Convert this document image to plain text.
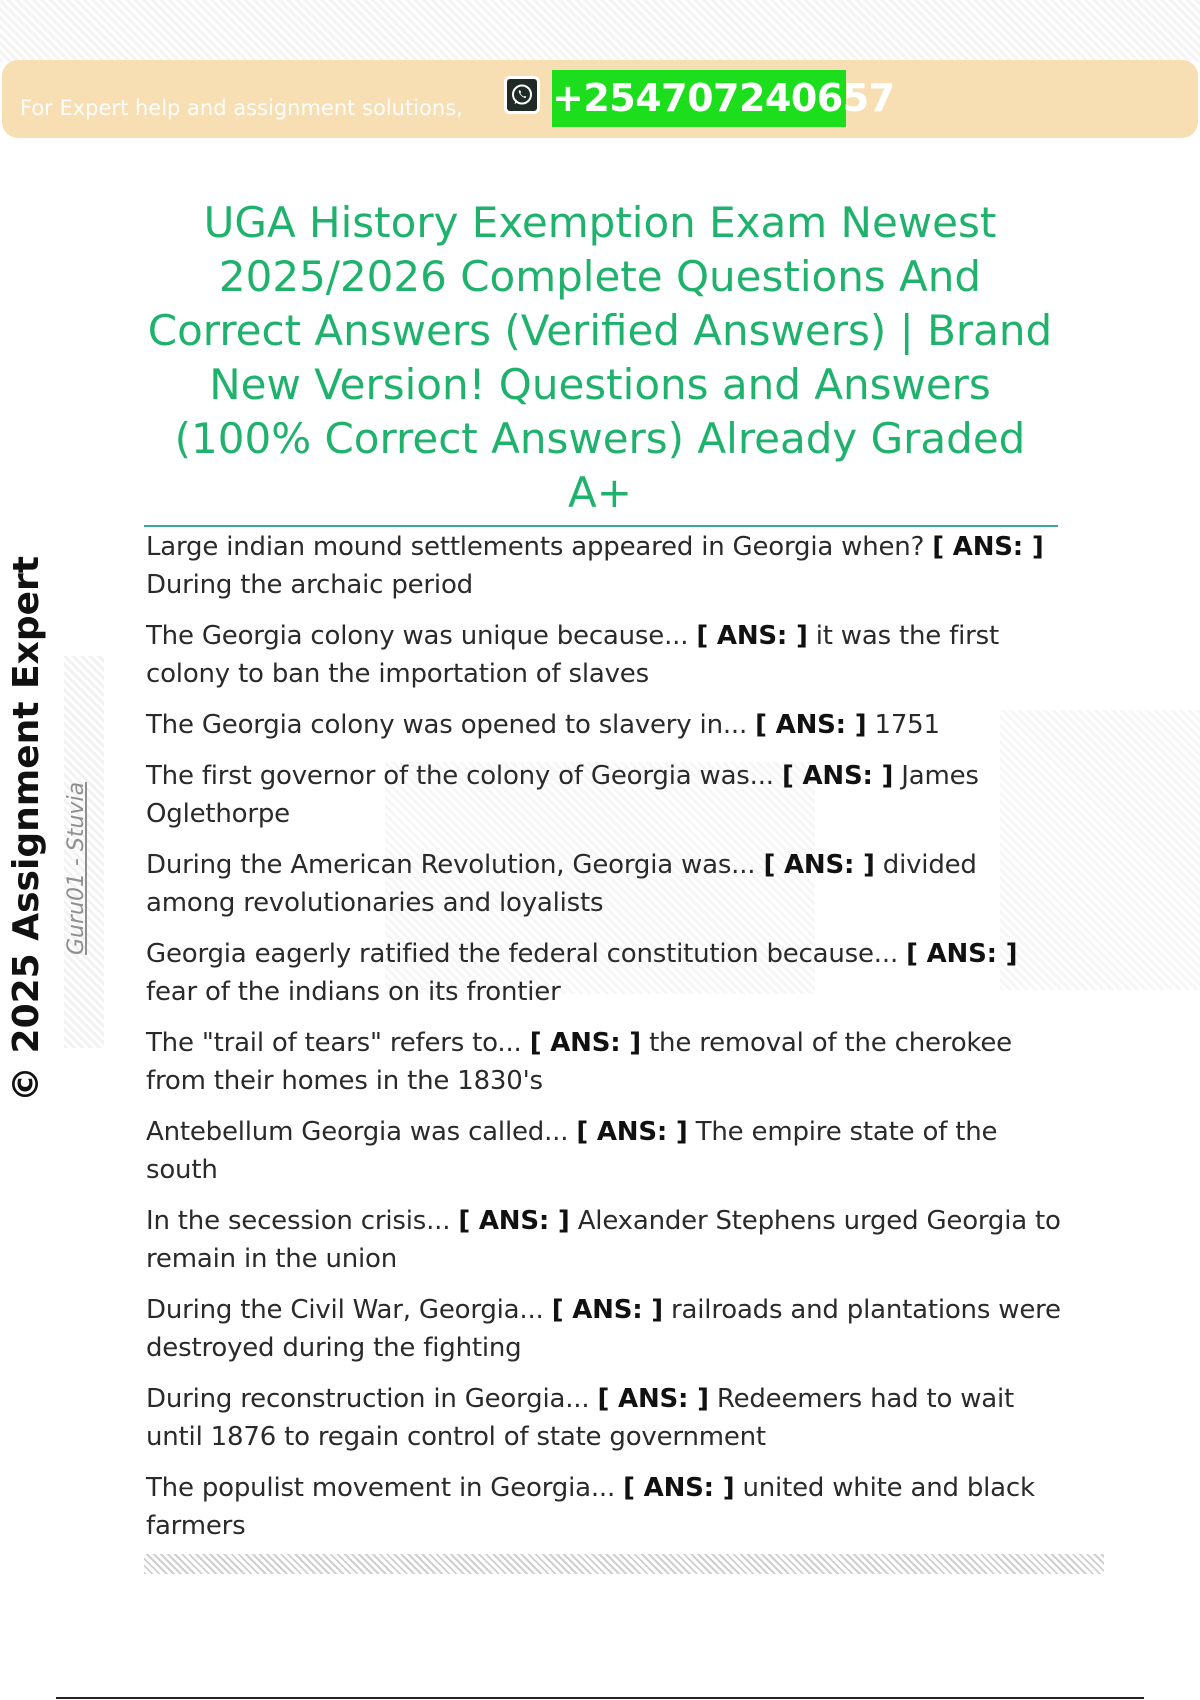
For Expert help and assignment solutions, +254707240657
UGA History Exemption Exam Newest 2025/2026 Complete Questions And Correct Answers (Verified Answers) | Brand New Version! Questions and Answers (100% Correct Answers) Already Graded A+
© 2025 Assignment Expert Guru01 - Stuvia
Large indian mound settlements appeared in Georgia when? [ ANS: ] During the archaic period
The Georgia colony was unique because... [ ANS: ] it was the first colony to ban the importation of slaves
The Georgia colony was opened to slavery in... [ ANS: ] 1751
The first governor of the colony of Georgia was... [ ANS: ] James Oglethorpe
During the American Revolution, Georgia was... [ ANS: ] divided among revolutionaries and loyalists
Georgia eagerly ratified the federal constitution because... [ ANS: ] fear of the indians on its frontier
The "trail of tears" refers to... [ ANS: ] the removal of the cherokee from their homes in the 1830's
Antebellum Georgia was called... [ ANS: ] The empire state of the south
In the secession crisis... [ ANS: ] Alexander Stephens urged Georgia to remain in the union
During the Civil War, Georgia... [ ANS: ] railroads and plantations were destroyed during the fighting
During reconstruction in Georgia... [ ANS: ] Redeemers had to wait until 1876 to regain control of state government
The populist movement in Georgia... [ ANS: ] united white and black farmers
